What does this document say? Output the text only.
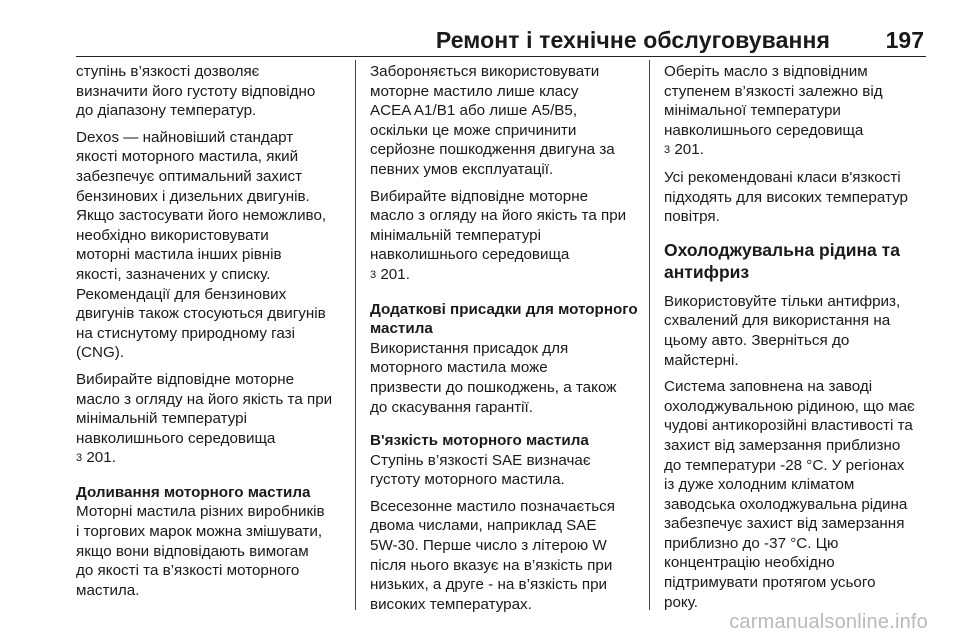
Ремонт і технічне обслуговування 197
ступінь в’язкості дозволяє
визначити його густоту відповідно
до діапазону температур.
Dexos — найновіший стандарт
якості моторного мастила, який
забезпечує оптимальний захист
бензинових і дизельних двигунів.
Якщо застосувати його неможливо,
необхідно використовувати
моторні мастила інших рівнів
якості, зазначених у списку.
Рекомендації для бензинових
двигунів також стосуються двигунів
на стиснутому природному газі
(CNG).
Вибирайте відповідне моторне
масло з огляду на його якість та при
мінімальній температурі
навколишнього середовища
3 201.
Доливання моторного мастила
Моторні мастила різних виробників
і торгових марок можна змішувати,
якщо вони відповідають вимогам
до якості та в’язкості моторного
мастила.
Забороняється використовувати
моторне мастило лише класу
ACEA A1/B1 або лише A5/B5,
оскільки це може спричинити
серйозне пошкодження двигуна за
певних умов експлуатації.
Вибирайте відповідне моторне
масло з огляду на його якість та при
мінімальній температурі
навколишнього середовища
3 201.
Додаткові присадки для моторного
мастила
Використання присадок для
моторного мастила може
призвести до пошкоджень, а також
до скасування гарантії.
В'язкість моторного мастила
Ступінь в’язкості SAE визначає
густоту моторного мастила.
Всесезонне мастило позначається
двома числами, наприклад SAE
5W-30. Перше число з літерою W
після нього вказує на в’язкість при
низьких, а друге - на в’язкість при
високих температурах.
Оберіть масло з відповідним
ступенем в’язкості залежно від
мінімальної температури
навколишнього середовища
3 201.
Усі рекомендовані класи в'язкості
підходять для високих температур
повітря.
Охолоджувальна рідина та
антифриз
Використовуйте тільки антифриз,
схвалений для використання на
цьому авто. Зверніться до
майстерні.
Система заповнена на заводі
охолоджувальною рідиною, що має
чудові антикорозійні властивості та
захист від замерзання приблизно
до температури -28 °C. У регіонах
із дуже холодним кліматом
заводська охолоджувальна рідина
забезпечує захист від замерзання
приблизно до -37 °C. Цю
концентрацію необхідно
підтримувати протягом усього
року.
carmanualsonline.info
